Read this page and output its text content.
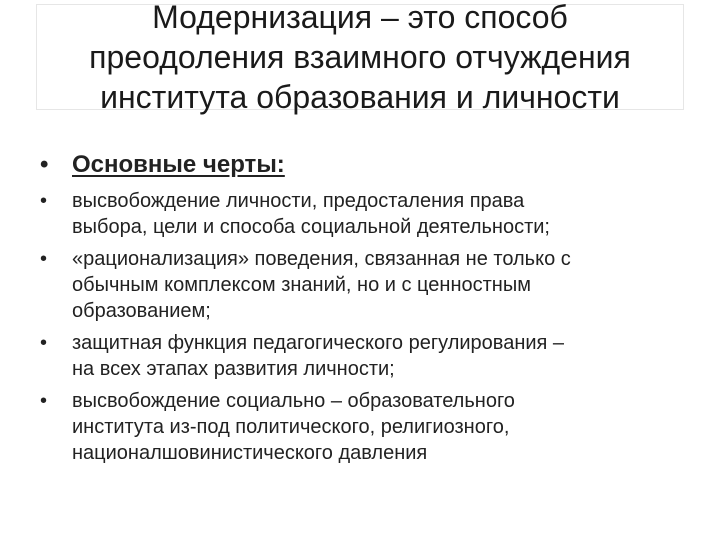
Модернизация – это способ
преодоления взаимного отчуждения
института образования и личности
• Основные черты:
• высвобождение личности, предосталения права
выбора, цели и способа социальной деятельности;
• «рационализация» поведения, связанная не только с
обычным комплексом знаний, но и с ценностным
образованием;
• защитная функция педагогического регулирования –
на всех этапах развития личности;
• высвобождение социально – образовательного
института из-под политического, религиозного,
националшовинистического давления
